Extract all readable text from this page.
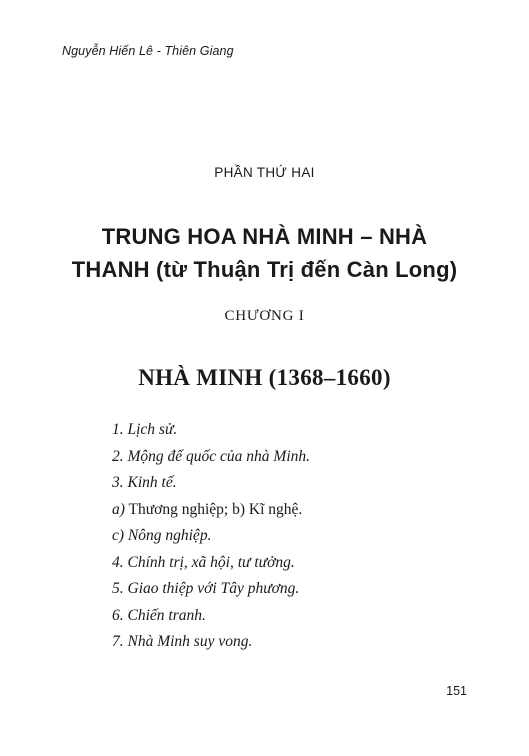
Nguyễn Hiến Lê - Thiên Giang
PHẦN THỨ HAI
TRUNG HOA NHÀ MINH – NHÀ
THANH (từ Thuận Trị đến Càn Long)
CHƯƠNG I
NHÀ MINH (1368–1660)
1. Lịch sử.
2. Mộng đế quốc của nhà Minh.
3. Kinh tế.
a) Thương nghiệp; b) Kĩ nghệ.
c) Nông nghiệp.
4. Chính trị, xã hội, tư tưởng.
5. Giao thiệp với Tây phương.
6. Chiến tranh.
7. Nhà Minh suy vong.
151
